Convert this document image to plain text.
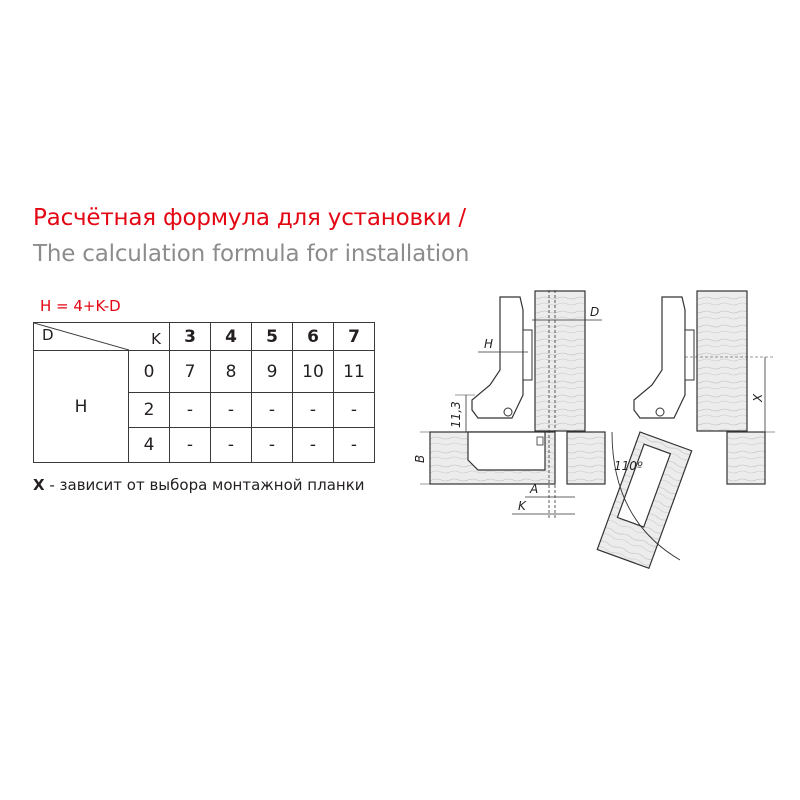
Расчётная формула для установки /
The calculation formula for installation
H = 4+K-D
D K		3	4	5	6	7
H	0	7	8	9	10	11
	2	-	-	-	-	-
	4	-	-	-	-	-
X - зависит от выбора монтажной планки
D
H
11,3
B
A
K
X
110º
